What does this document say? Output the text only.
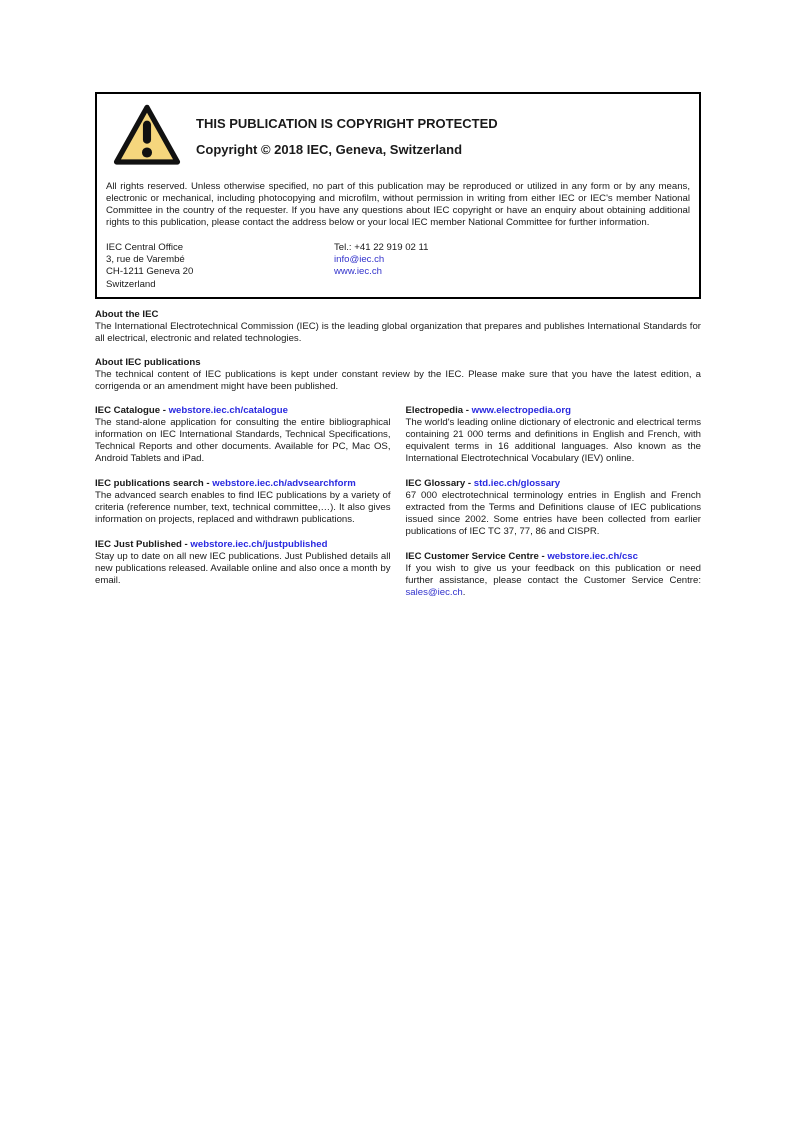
THIS PUBLICATION IS COPYRIGHT PROTECTED
Copyright © 2018 IEC, Geneva, Switzerland
All rights reserved. Unless otherwise specified, no part of this publication may be reproduced or utilized in any form or by any means, electronic or mechanical, including photocopying and microfilm, without permission in writing from either IEC or IEC's member National Committee in the country of the requester. If you have any questions about IEC copyright or have an enquiry about obtaining additional rights to this publication, please contact the address below or your local IEC member National Committee for further information.
IEC Central Office
3, rue de Varembé
CH-1211 Geneva 20
Switzerland
Tel.: +41 22 919 02 11
info@iec.ch
www.iec.ch
About the IEC
The International Electrotechnical Commission (IEC) is the leading global organization that prepares and publishes International Standards for all electrical, electronic and related technologies.
About IEC publications
The technical content of IEC publications is kept under constant review by the IEC. Please make sure that you have the latest edition, a corrigenda or an amendment might have been published.
IEC Catalogue - webstore.iec.ch/catalogue
The stand-alone application for consulting the entire bibliographical information on IEC International Standards, Technical Specifications, Technical Reports and other documents. Available for PC, Mac OS, Android Tablets and iPad.
IEC publications search - webstore.iec.ch/advsearchform
The advanced search enables to find IEC publications by a variety of criteria (reference number, text, technical committee,…). It also gives information on projects, replaced and withdrawn publications.
IEC Just Published - webstore.iec.ch/justpublished
Stay up to date on all new IEC publications. Just Published details all new publications released. Available online and also once a month by email.
Electropedia - www.electropedia.org
The world's leading online dictionary of electronic and electrical terms containing 21 000 terms and definitions in English and French, with equivalent terms in 16 additional languages. Also known as the International Electrotechnical Vocabulary (IEV) online.
IEC Glossary - std.iec.ch/glossary
67 000 electrotechnical terminology entries in English and French extracted from the Terms and Definitions clause of IEC publications issued since 2002. Some entries have been collected from earlier publications of IEC TC 37, 77, 86 and CISPR.
IEC Customer Service Centre - webstore.iec.ch/csc
If you wish to give us your feedback on this publication or need further assistance, please contact the Customer Service Centre: sales@iec.ch.
